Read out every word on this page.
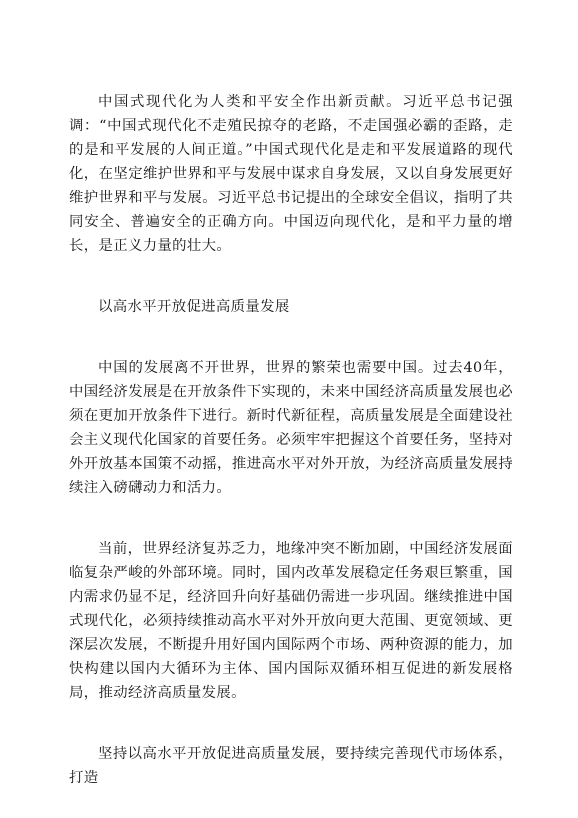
中国式现代化为人类和平安全作出新贡献。习近平总书记强调：“中国式现代化不走殖民掠夺的老路，不走国强必霸的歪路，走的是和平发展的人间正道。”中国式现代化是走和平发展道路的现代化，在坚定维护世界和平与发展中谋求自身发展，又以自身发展更好维护世界和平与发展。习近平总书记提出的全球安全倡议，指明了共同安全、普遍安全的正确方向。中国迈向现代化，是和平力量的增长，是正义力量的壮大。

以高水平开放促进高质量发展

中国的发展离不开世界，世界的繁荣也需要中国。过去40年，中国经济发展是在开放条件下实现的，未来中国经济高质量发展也必须在更加开放条件下进行。新时代新征程，高质量发展是全面建设社会主义现代化国家的首要任务。必须牢牢把握这个首要任务，坚持对外开放基本国策不动摇，推进高水平对外开放，为经济高质量发展持续注入磅礴动力和活力。

当前，世界经济复苏乏力，地缘冲突不断加剧，中国经济发展面临复杂严峻的外部环境。同时，国内改革发展稳定任务艰巨繁重，国内需求仍显不足，经济回升向好基础仍需进一步巩固。继续推进中国式现代化，必须持续推动高水平对外开放向更大范围、更宽领域、更深层次发展，不断提升用好国内国际两个市场、两种资源的能力，加快构建以国内大循环为主体、国内国际双循环相互促进的新发展格局，推动经济高质量发展。

坚持以高水平开放促进高质量发展，要持续完善现代市场体系，打造
